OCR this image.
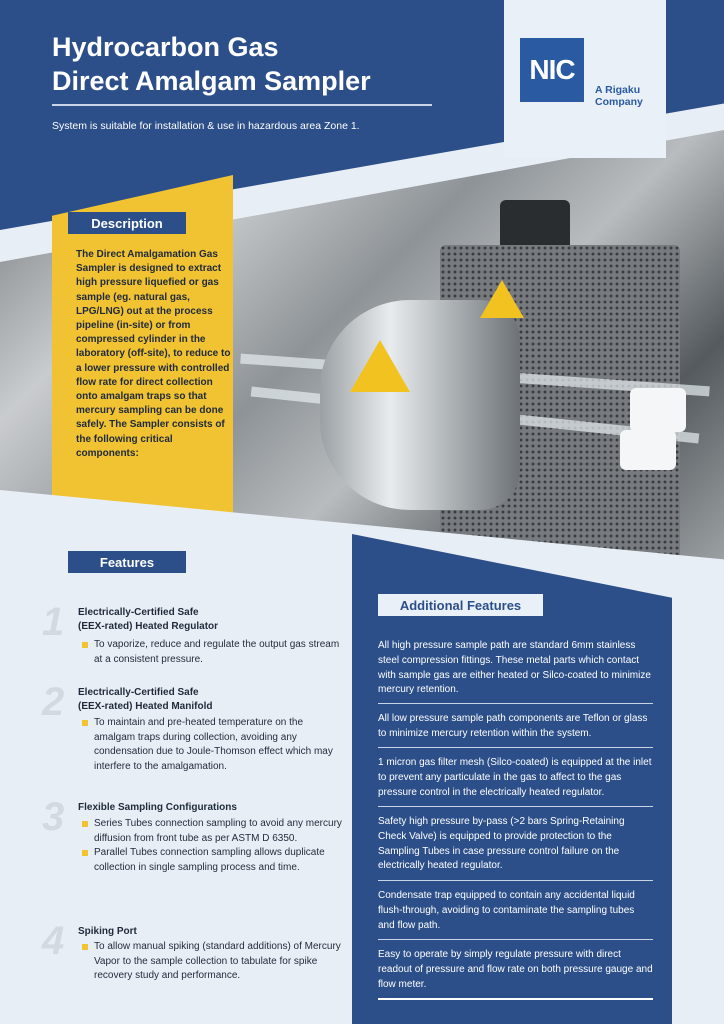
Hydrocarbon Gas
Direct Amalgam Sampler
System is suitable for installation & use in hazardous area Zone 1.
NIC
A Rigaku
Company
Description
The Direct Amalgamation Gas Sampler is designed to extract high pressure liquefied or gas sample (eg. natural gas, LPG/LNG) out at the process pipeline (in-site) or from compressed cylinder in the laboratory (off-site), to reduce to a lower pressure with controlled flow rate for direct collection onto amalgam traps so that mercury sampling can be done safely. The Sampler consists of the following critical components:
Features
1 Electrically-Certified Safe
(EEX-rated) Heated Regulator
To vaporize, reduce and regulate the output gas stream at a consistent pressure.
2 Electrically-Certified Safe
(EEX-rated) Heated Manifold
To maintain and pre-heated temperature on the amalgam traps during collection, avoiding any condensation due to Joule-Thomson effect which may interfere to the amalgamation.
3 Flexible Sampling Configurations
Series Tubes connection sampling to avoid any mercury diffusion from front tube as per ASTM D 6350.
Parallel Tubes connection sampling allows duplicate collection in single sampling process and time.
4 Spiking Port
To allow manual spiking (standard additions) of Mercury Vapor to the sample collection to tabulate for spike recovery study and performance.
Additional Features
All high pressure sample path are standard 6mm stainless steel compression fittings. These metal parts which contact with sample gas are either heated or Silco-coated to minimize mercury retention.
All low pressure sample path components are Teflon or glass to minimize mercury retention within the system.
1 micron gas filter mesh (Silco-coated) is equipped at the inlet to prevent any particulate in the gas to affect to the gas pressure control in the electrically heated regulator.
Safety high pressure by-pass (>2 bars Spring-Retaining Check Valve) is equipped to provide protection to the Sampling Tubes in case pressure control failure on the electrically heated regulator.
Condensate trap equipped to contain any accidental liquid flush-through, avoiding to contaminate the sampling tubes and flow path.
Easy to operate by simply regulate pressure with direct readout of pressure and flow rate on both pressure gauge and flow meter.
